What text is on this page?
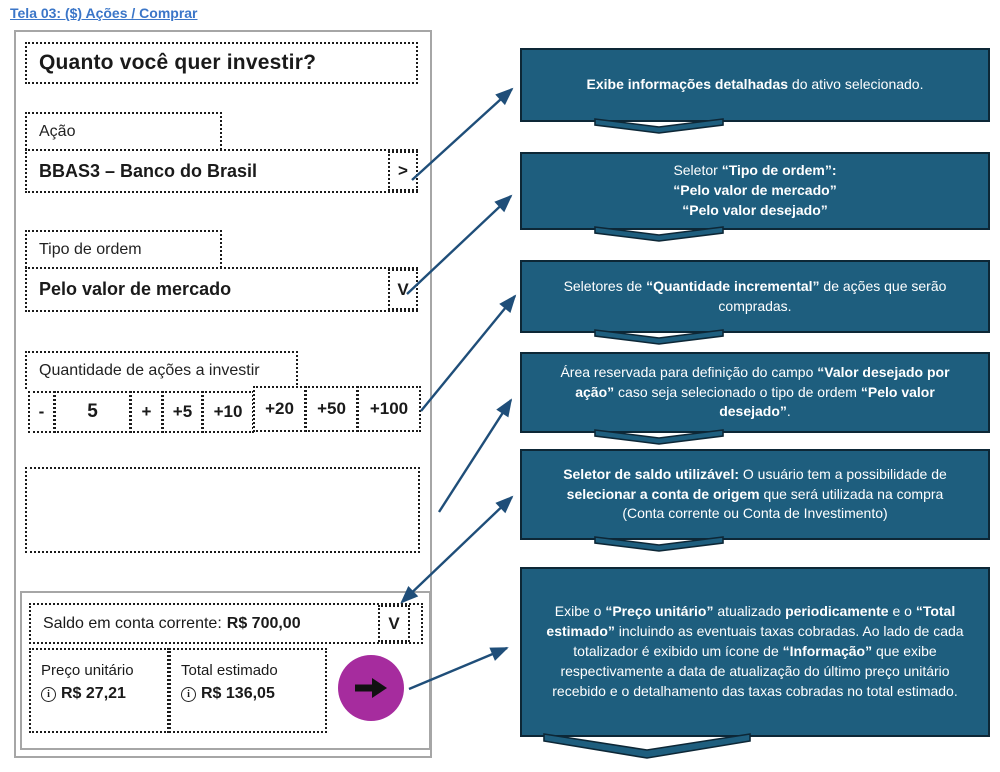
Tela 03: ($) Ações / Comprar
Quanto você quer investir?
Ação
BBAS3 – Banco do Brasil	>
Tipo de ordem
Pelo valor de mercado	V
Quantidade de ações a investir
-	5	+	+5	+10	+20	+50	+100
Saldo em conta corrente: R$ 700,00	V
Preço unitário
i R$ 27,21
Total estimado
i R$ 136,05
Exibe informações detalhadas do ativo selecionado.
Seletor “Tipo de ordem”:
“Pelo valor de mercado”
“Pelo valor desejado”
Seletores de “Quantidade incremental” de ações que serão compradas.
Área reservada para definição do campo “Valor desejado por ação” caso seja selecionado o tipo de ordem “Pelo valor desejado”.
Seletor de saldo utilizável: O usuário tem a possibilidade de selecionar a conta de origem que será utilizada na compra (Conta corrente ou Conta de Investimento)
Exibe o “Preço unitário” atualizado periodicamente e o “Total estimado” incluindo as eventuais taxas cobradas. Ao lado de cada totalizador é exibido um ícone de “Informação” que exibe respectivamente a data de atualização do último preço unitário recebido e o detalhamento das taxas cobradas no total estimado.
